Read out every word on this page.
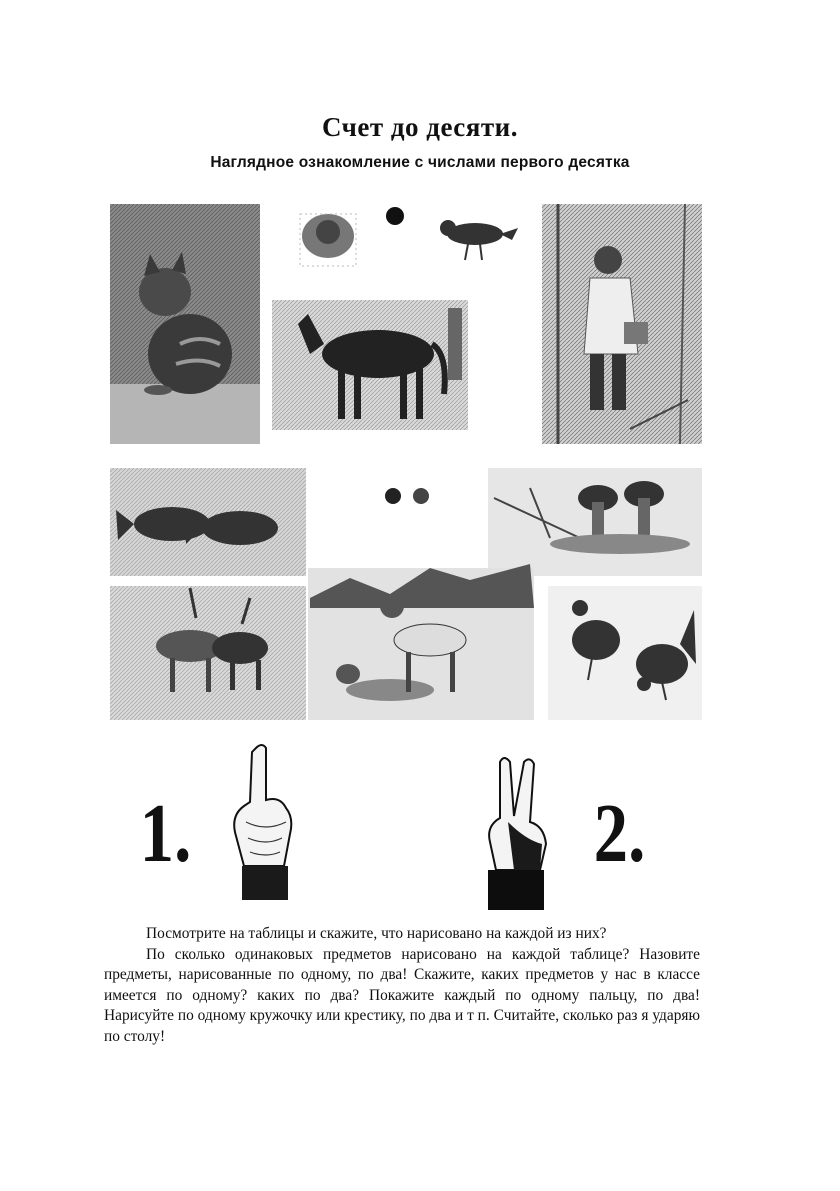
Счет до десяти.
Наглядное ознакомление с числами первого десятка
1.	2.

Посмотрите на таблицы и скажите, что нарисовано на каждой из них?

По сколько одинаковых предметов нарисовано на каждой таблице? Назовите предметы, нарисованные по одному, по два! Скажите, каких предметов у нас в классе имеется по одному? каких по два? Покажите каждый по одному пальцу, по два! Нарисуйте по одному кружочку или крестику, по два и т п. Считайте, сколько раз я ударяю по столу!
